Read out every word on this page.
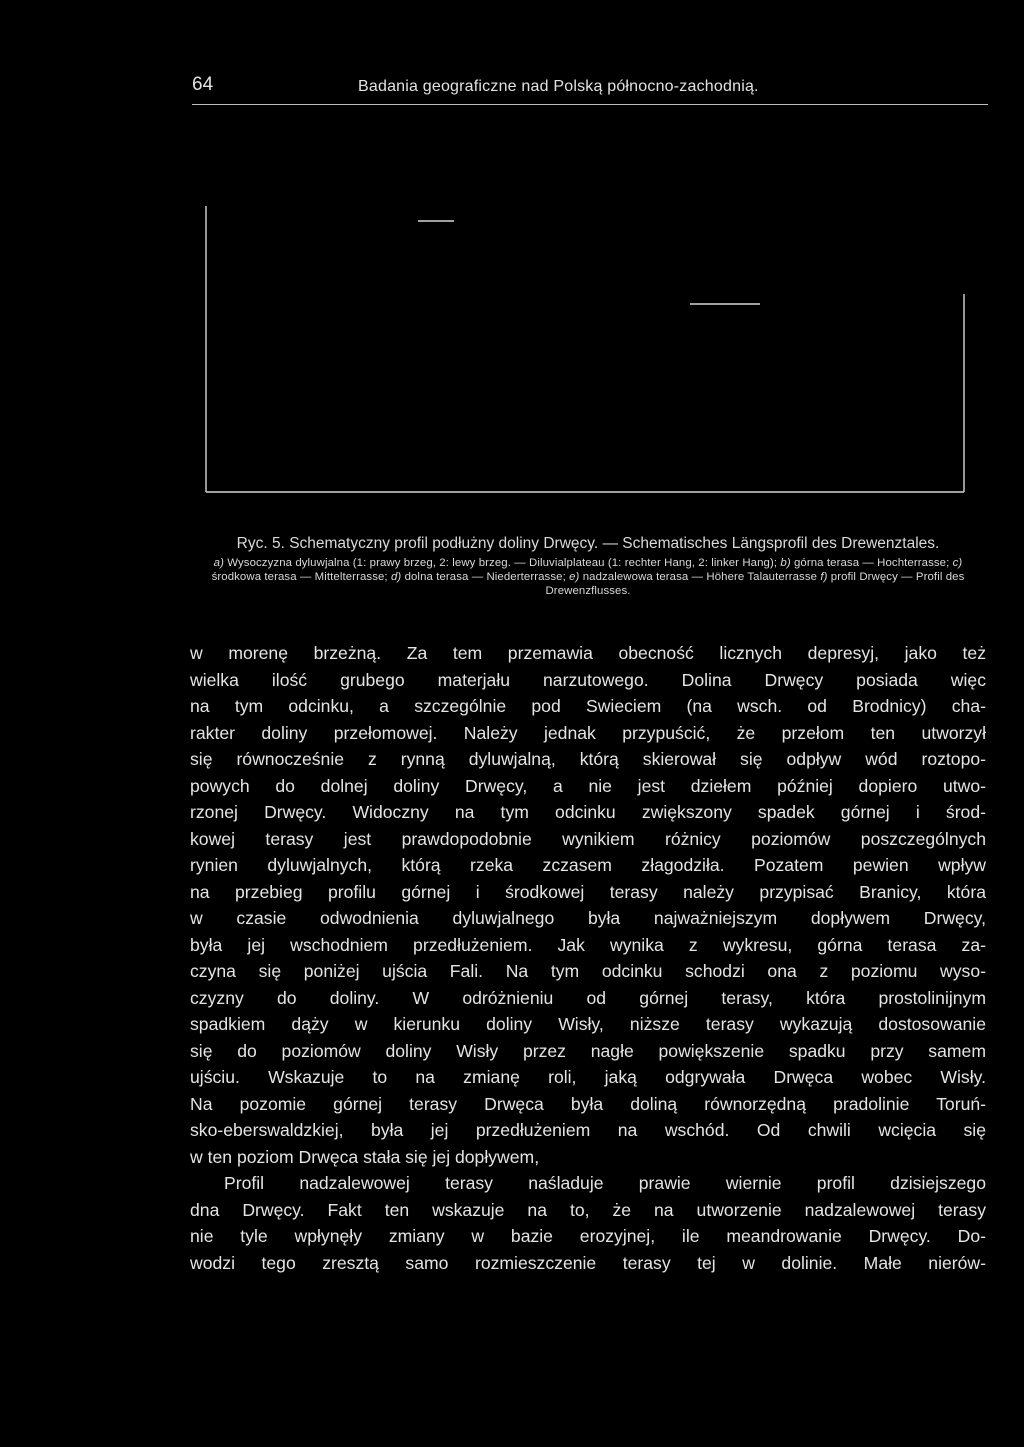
64	Badania geograficzne nad Polską północno-zachodnią.

Ryc. 5. Schematyczny profil podłużny doliny Drwęcy. — Schematisches Längsprofil des Drewenztales.

a) Wysoczyzna dyluwjalna (1: prawy brzeg, 2: lewy brzeg. — Diluvialplateau (1: rechter Hang, 2: linker Hang); b) górna terasa — Hochterrasse; c) środkowa terasa — Mittelterrasse; d) dolna terasa — Niederterrasse; e) nadzalewowa terasa — Höhere Talauterrasse f) profil Drwęcy — Profil des Drewenzflusses.

w morenę brzeżną. Za tem przemawia obecność licznych depresyj, jako też
wielka ilość grubego materjału narzutowego. Dolina Drwęcy posiada więc
na tym odcinku, a szczególnie pod Swieciem (na wsch. od Brodnicy) cha-
rakter doliny przełomowej. Należy jednak przypuścić, że przełom ten utworzył
się równocześnie z rynną dyluwjalną, którą skierował się odpływ wód roztopo-
powych do dolnej doliny Drwęcy, a nie jest dziełem później dopiero utwo-
rzonej Drwęcy. Widoczny na tym odcinku zwiększony spadek górnej i środ-
kowej terasy jest prawdopodobnie wynikiem różnicy poziomów poszczególnych
rynien dyluwjalnych, którą rzeka zczasem złagodziła. Pozatem pewien wpływ
na przebieg profilu górnej i środkowej terasy należy przypisać Branicy, która
w czasie odwodnienia dyluwjalnego była najważniejszym dopływem Drwęcy,
była jej wschodniem przedłużeniem. Jak wynika z wykresu, górna terasa za-
czyna się poniżej ujścia Fali. Na tym odcinku schodzi ona z poziomu wyso-
czyzny do doliny. W odróżnieniu od górnej terasy, która prostolinijnym
spadkiem dąży w kierunku doliny Wisły, niższe terasy wykazują dostosowanie
się do poziomów doliny Wisły przez nagłe powiększenie spadku przy samem
ujściu. Wskazuje to na zmianę roli, jaką odgrywała Drwęca wobec Wisły.
Na pozomie górnej terasy Drwęca była doliną równorzędną pradolinie Toruń-
sko-eberswaldzkiej, była jej przedłużeniem na wschód. Od chwili wcięcia się
w ten poziom Drwęca stała się jej dopływem,
Profil nadzalewowej terasy naśladuje prawie wiernie profil dzisiejszego
dna Drwęcy. Fakt ten wskazuje na to, że na utworzenie nadzalewowej terasy
nie tyle wpłynęły zmiany w bazie erozyjnej, ile meandrowanie Drwęcy. Do-
wodzi tego zresztą samo rozmieszczenie terasy tej w dolinie. Małe nierów-
